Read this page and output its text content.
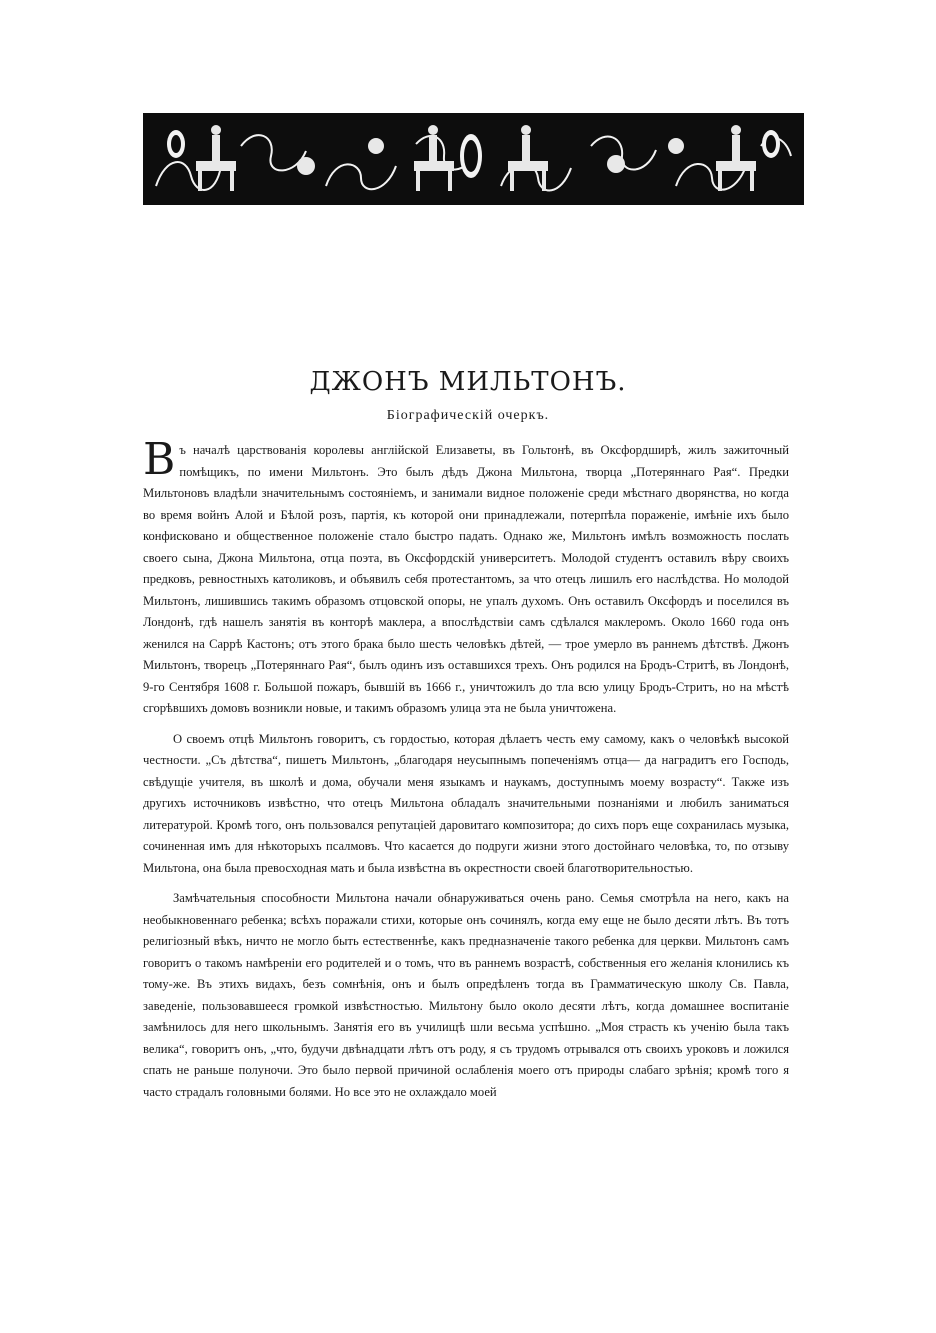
ДЖОНЪ МИЛЬТОНЪ.
Біографическій очеркъ.

Въ началѣ царствованія королевы англійской Елизаветы, въ Гольтонѣ, въ Оксфордширѣ, жилъ зажиточный помѣщикъ, по имени Мильтонъ. Это былъ дѣдъ Джона Мильтона, творца „Потеряннаго Рая“. Предки Мильтоновъ владѣли значительнымъ состояніемъ, и занимали видное положеніе среди мѣстнаго дворянства, но когда во время войнъ Алой и Бѣлой розъ, партія, къ которой они принадлежали, потерпѣла пораженіе, имѣніе ихъ было конфисковано и общественное положеніе стало быстро падать. Однако же, Мильтонъ имѣлъ возможность послать своего сына, Джона Мильтона, отца поэта, въ Оксфордскій университетъ. Молодой студентъ оставилъ вѣру своихъ предковъ, ревностныхъ католиковъ, и объявилъ себя протестантомъ, за что отецъ лишилъ его наслѣдства. Но молодой Мильтонъ, лишившись такимъ образомъ отцовской опоры, не упалъ духомъ. Онъ оставилъ Оксфордъ и поселился въ Лондонѣ, гдѣ нашелъ занятія въ конторѣ маклера, а впослѣдствіи самъ сдѣлался маклеромъ. Около 1660 года онъ женился на Саррѣ Кастонъ; отъ этого брака было шесть человѣкъ дѣтей, — трое умерло въ раннемъ дѣтствѣ. Джонъ Мильтонъ, творецъ „Потеряннаго Рая“, былъ одинъ изъ оставшихся трехъ. Онъ родился на Бродъ-Стритѣ, въ Лондонѣ, 9-го Сентября 1608 г. Большой пожаръ, бывшій въ 1666 г., уничтожилъ до тла всю улицу Бродъ-Стритъ, но на мѣстѣ сгорѣвшихъ домовъ возникли новые, и такимъ образомъ улица эта не была уничтожена.

О своемъ отцѣ Мильтонъ говоритъ, съ гордостью, которая дѣлаетъ честь ему самому, какъ о человѣкѣ высокой честности. „Съ дѣтства“, пишетъ Мильтонъ, „благодаря неусыпнымъ попеченіямъ отца— да наградитъ его Господь, свѣдущіе учителя, въ школѣ и дома, обучали меня языкамъ и наукамъ, доступнымъ моему возрасту“. Также изъ другихъ источниковъ извѣстно, что отецъ Мильтона обладалъ значительными познаніями и любилъ заниматься литературой. Кромѣ того, онъ пользовался репутаціей даровитаго композитора; до сихъ поръ еще сохранилась музыка, сочиненная имъ для нѣкоторыхъ псалмовъ. Что касается до подруги жизни этого достойнаго человѣка, то, по отзыву Мильтона, она была превосходная мать и была извѣстна въ окрестности своей благотворительностью.

Замѣчательныя способности Мильтона начали обнаруживаться очень рано. Семья смотрѣла на него, какъ на необыкновеннаго ребенка; всѣхъ поражали стихи, которые онъ сочинялъ, когда ему еще не было десяти лѣтъ. Въ тотъ религіозный вѣкъ, ничто не могло быть естественнѣе, какъ предназначеніе такого ребенка для церкви. Мильтонъ самъ говоритъ о такомъ намѣреніи его родителей и о томъ, что въ раннемъ возрастѣ, собственныя его желанія клонились къ тому-же. Въ этихъ видахъ, безъ сомнѣнія, онъ и былъ опредѣленъ тогда въ Грамматическую школу Св. Павла, заведеніе, пользовавшееся громкой извѣстностью. Мильтону было около десяти лѣтъ, когда домашнее воспитаніе замѣнилось для него школьнымъ. Занятія его въ училищѣ шли весьма успѣшно. „Моя страсть къ ученію была такъ велика“, говоритъ онъ, „что, будучи двѣнадцати лѣтъ отъ роду, я съ трудомъ отрывался отъ своихъ уроковъ и ложился спать не раньше полуночи. Это было первой причиной ослабленія моего отъ природы слабаго зрѣнія; кромѣ того я часто страдалъ головными болями. Но все это не охлаждало моей
